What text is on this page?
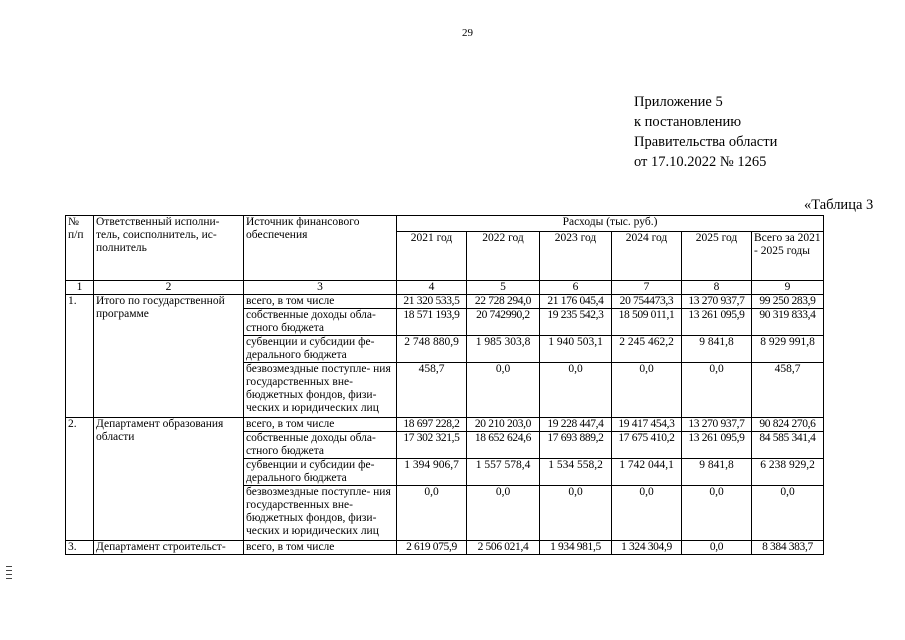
29
Приложение 5
к постановлению
Правительства области
от 17.10.2022 № 1265
«Таблица 3
№ п/п	Ответственный исполни- тель, соисполнитель, ис- полнитель	Источник финансового обеспечения	Расходы (тыс. руб.)					
			2021 год	2022 год	2023 год	2024 год	2025 год	Всего за 2021 - 2025 годы
1	2	3	4	5	6	7	8	9
1.	Итого по государственной программе	всего, в том числе	21 320 533,5	22 728 294,0	21 176 045,4	20 754473,3	13 270 937,7	99 250 283,9
		собственные доходы обла- стного бюджета	18 571 193,9	20 742990,2	19 235 542,3	18 509 011,1	13 261 095,9	90 319 833,4
		субвенции и субсидии фе- дерального бюджета	2 748 880,9	1 985 303,8	1 940 503,1	2 245 462,2	9 841,8	8 929 991,8
		безвозмездные поступле- ния государственных вне- бюджетных фондов, физи- ческих и юридических лиц	458,7	0,0	0,0	0,0	0,0	458,7
2.	Департамент образования области	всего, в том числе	18 697 228,2	20 210 203,0	19 228 447,4	19 417 454,3	13 270 937,7	90 824 270,6
		собственные доходы обла- стного бюджета	17 302 321,5	18 652 624,6	17 693 889,2	17 675 410,2	13 261 095,9	84 585 341,4
		субвенции и субсидии фе- дерального бюджета	1 394 906,7	1 557 578,4	1 534 558,2	1 742 044,1	9 841,8	6 238 929,2
		безвозмездные поступле- ния государственных вне- бюджетных фондов, физи- ческих и юридических лиц	0,0	0,0	0,0	0,0	0,0	0,0
3.	Департамент строительст-	всего, в том числе	2 619 075,9	2 506 021,4	1 934 981,5	1 324 304,9	0,0	8 384 383,7
